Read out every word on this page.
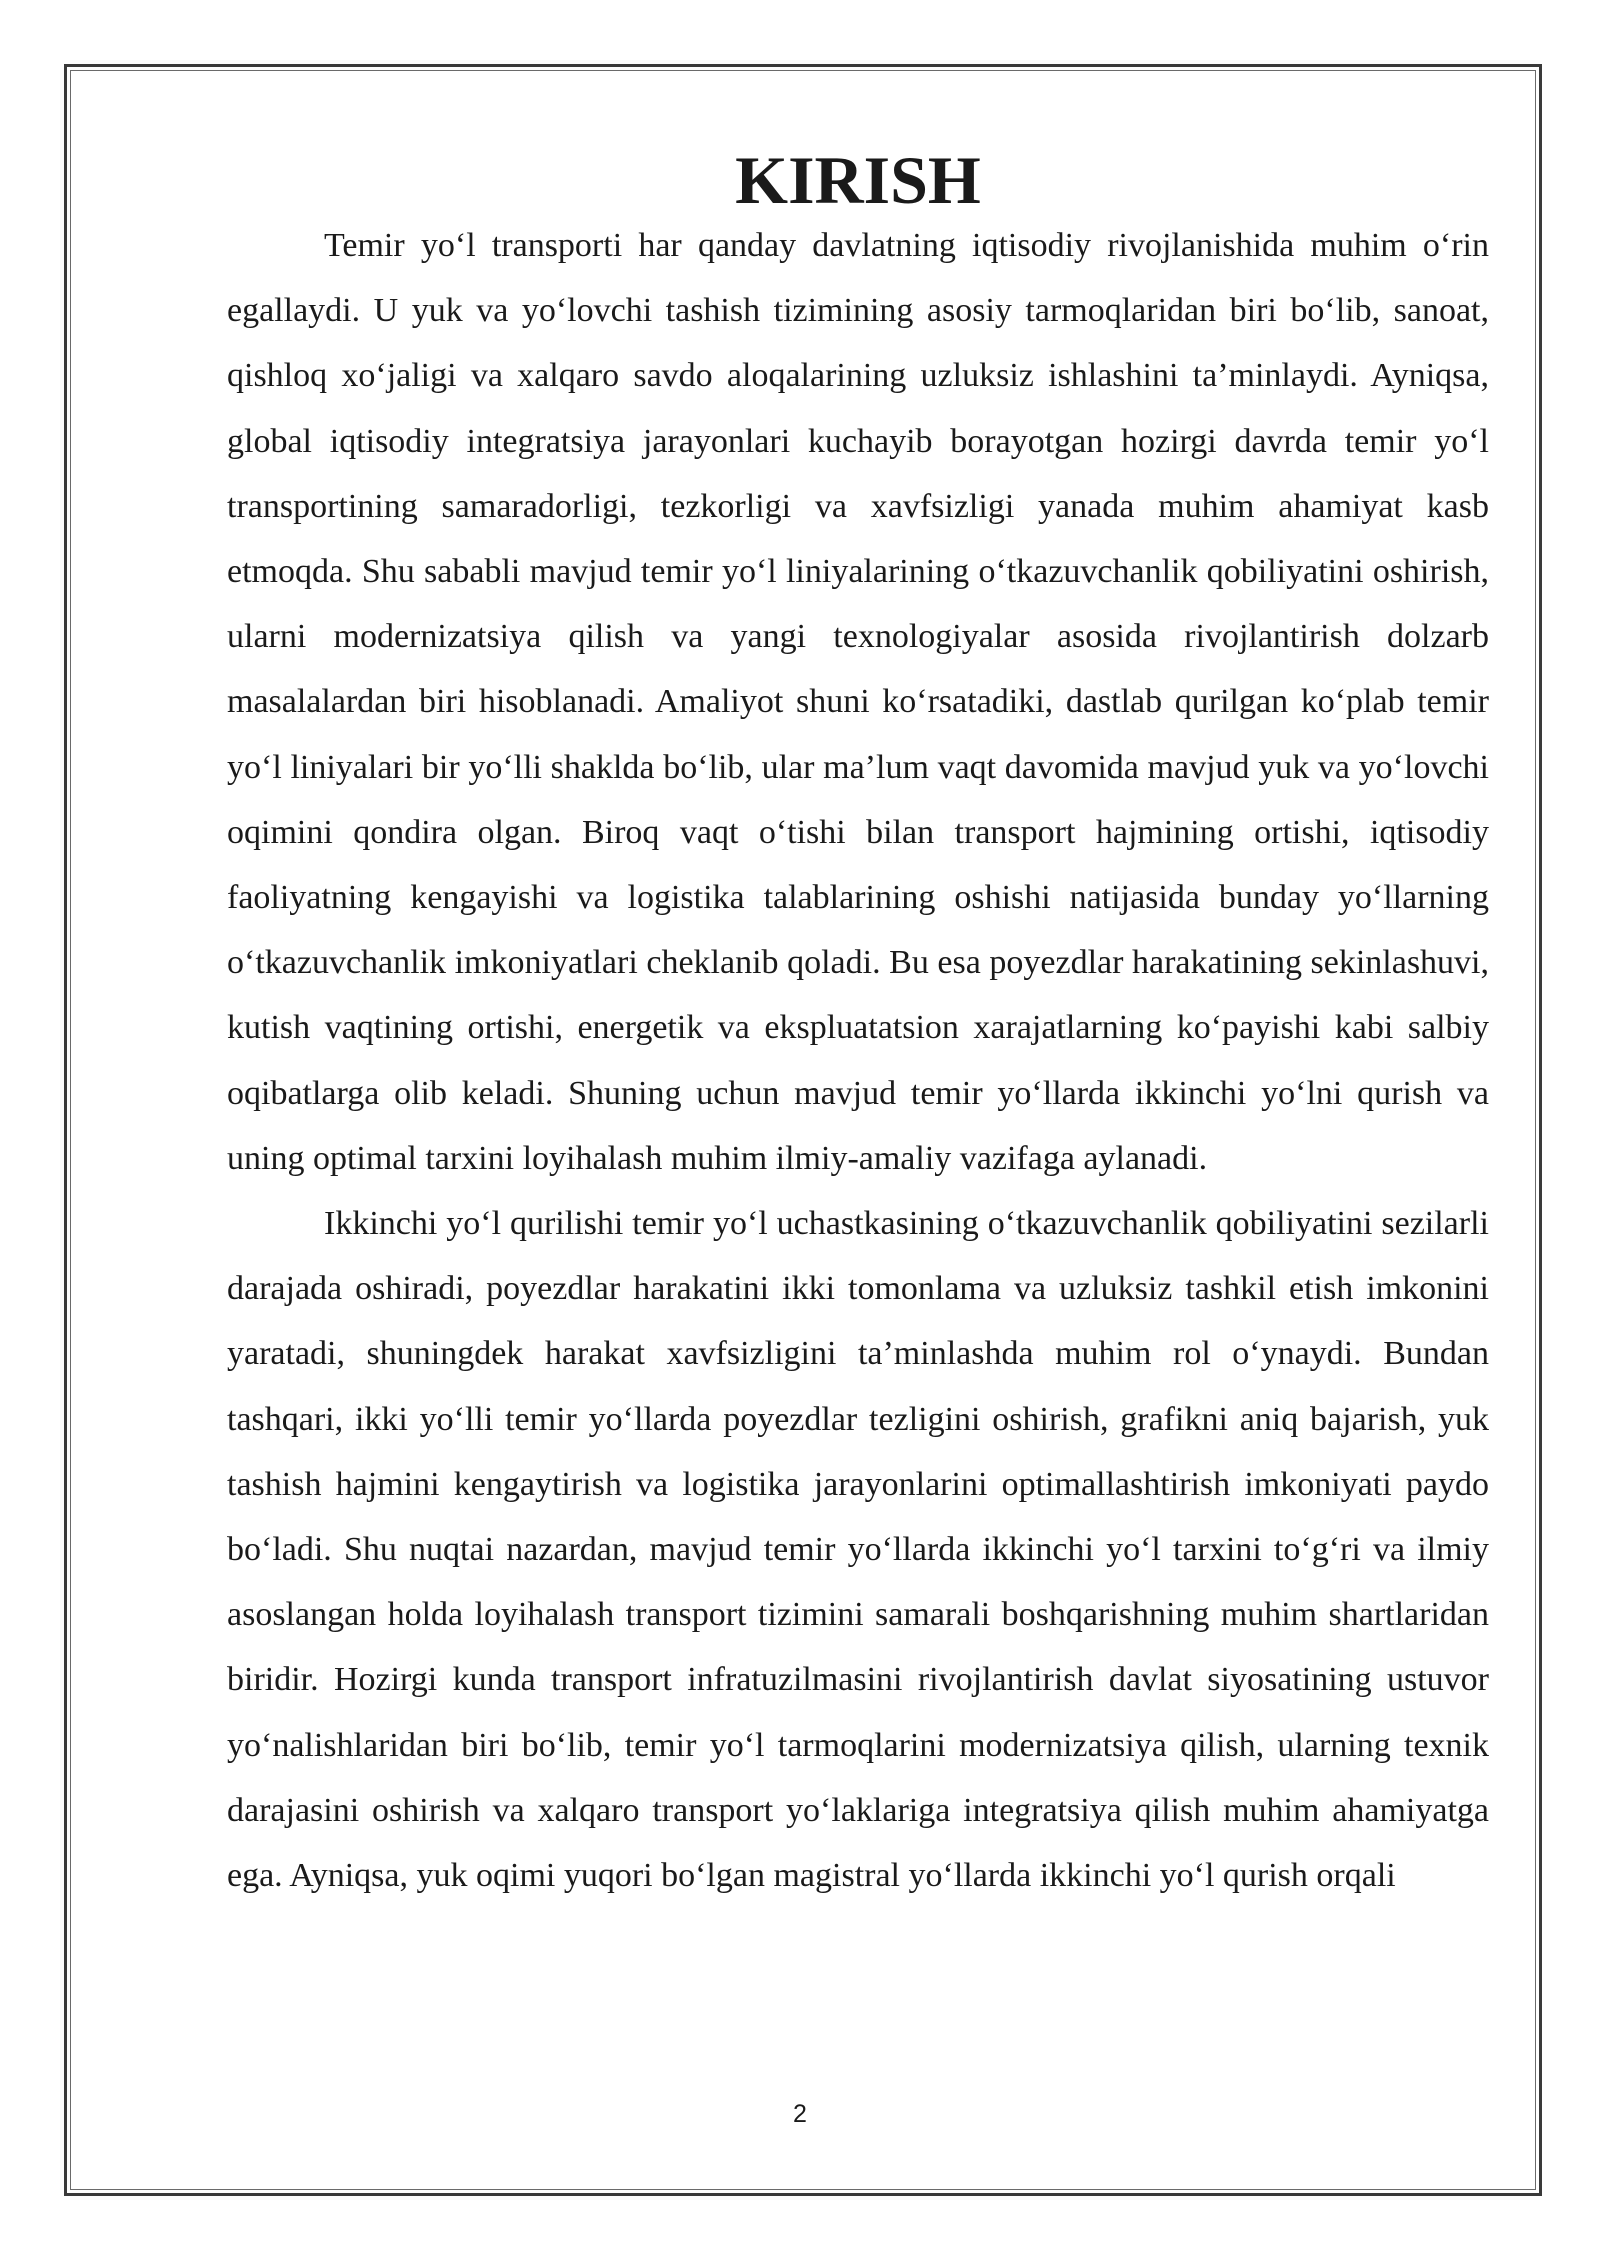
KIRISH

Temir yo‘l transporti har qanday davlatning iqtisodiy rivojlanishida muhim o‘rin egallaydi. U yuk va yo‘lovchi tashish tizimining asosiy tarmoqlaridan biri bo‘lib, sanoat, qishloq xo‘jaligi va xalqaro savdo aloqalarining uzluksiz ishlashini ta’minlaydi. Ayniqsa, global iqtisodiy integratsiya jarayonlari kuchayib borayotgan hozirgi davrda temir yo‘l transportining samaradorligi, tezkorligi va xavfsizligi yanada muhim ahamiyat kasb etmoqda. Shu sababli mavjud temir yo‘l liniyalarining o‘tkazuvchanlik qobiliyatini oshirish, ularni modernizatsiya qilish va yangi texnologiyalar asosida rivojlantirish dolzarb masalalardan biri hisoblanadi. Amaliyot shuni ko‘rsatadiki, dastlab qurilgan ko‘plab temir yo‘l liniyalari bir yo‘lli shaklda bo‘lib, ular ma’lum vaqt davomida mavjud yuk va yo‘lovchi oqimini qondira olgan. Biroq vaqt o‘tishi bilan transport hajmining ortishi, iqtisodiy faoliyatning kengayishi va logistika talablarining oshishi natijasida bunday yo‘llarning o‘tkazuvchanlik imkoniyatlari cheklanib qoladi. Bu esa poyezdlar harakatining sekinlashuvi, kutish vaqtining ortishi, energetik va ekspluatatsion xarajatlarning ko‘payishi kabi salbiy oqibatlarga olib keladi. Shuning uchun mavjud temir yo‘llarda ikkinchi yo‘lni qurish va uning optimal tarxini loyihalash muhim ilmiy-amaliy vazifaga aylanadi.

Ikkinchi yo‘l qurilishi temir yo‘l uchastkasining o‘tkazuvchanlik qobiliyatini sezilarli darajada oshiradi, poyezdlar harakatini ikki tomonlama va uzluksiz tashkil etish imkonini yaratadi, shuningdek harakat xavfsizligini ta’minlashda muhim rol o‘ynaydi. Bundan tashqari, ikki yo‘lli temir yo‘llarda poyezdlar tezligini oshirish, grafikni aniq bajarish, yuk tashish hajmini kengaytirish va logistika jarayonlarini optimallashtirish imkoniyati paydo bo‘ladi. Shu nuqtai nazardan, mavjud temir yo‘llarda ikkinchi yo‘l tarxini to‘g‘ri va ilmiy asoslangan holda loyihalash transport tizimini samarali boshqarishning muhim shartlaridan biridir. Hozirgi kunda transport infratuzilmasini rivojlantirish davlat siyosatining ustuvor yo‘nalishlaridan biri bo‘lib, temir yo‘l tarmoqlarini modernizatsiya qilish, ularning texnik darajasini oshirish va xalqaro transport yo‘laklariga integratsiya qilish muhim ahamiyatga ega. Ayniqsa, yuk oqimi yuqori bo‘lgan magistral yo‘llarda ikkinchi yo‘l qurish orqali

2
